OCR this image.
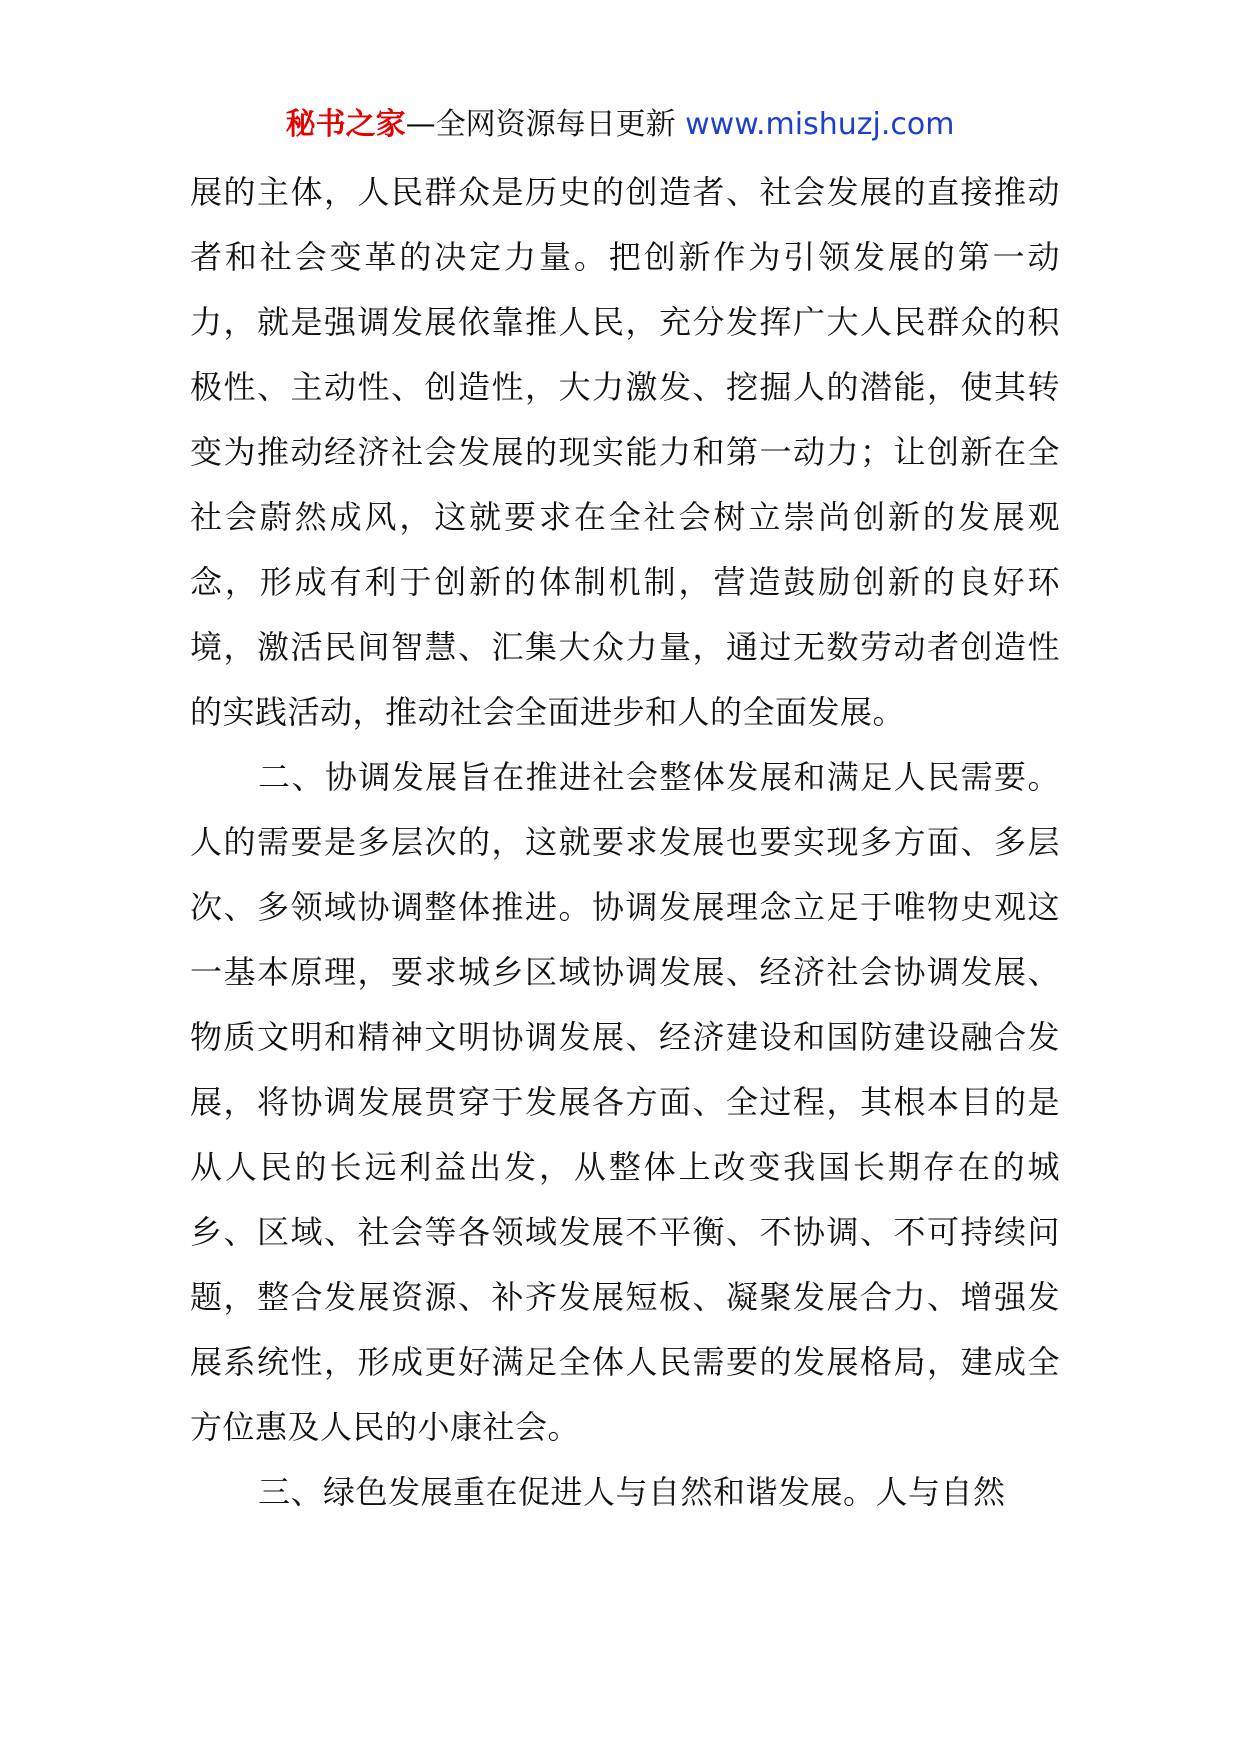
秘书之家—全网资源每日更新 www.mishuzj.com

展的主体，人民群众是历史的创造者、社会发展的直接推动者和社会变革的决定力量。把创新作为引领发展的第一动力，就是强调发展依靠推人民，充分发挥广大人民群众的积极性、主动性、创造性，大力激发、挖掘人的潜能，使其转变为推动经济社会发展的现实能力和第一动力；让创新在全社会蔚然成风，这就要求在全社会树立崇尚创新的发展观念，形成有利于创新的体制机制，营造鼓励创新的良好环境，激活民间智慧、汇集大众力量，通过无数劳动者创造性的实践活动，推动社会全面进步和人的全面发展。

二、协调发展旨在推进社会整体发展和满足人民需要。人的需要是多层次的，这就要求发展也要实现多方面、多层次、多领域协调整体推进。协调发展理念立足于唯物史观这一基本原理，要求城乡区域协调发展、经济社会协调发展、物质文明和精神文明协调发展、经济建设和国防建设融合发展，将协调发展贯穿于发展各方面、全过程，其根本目的是从人民的长远利益出发，从整体上改变我国长期存在的城乡、区域、社会等各领域发展不平衡、不协调、不可持续问题，整合发展资源、补齐发展短板、凝聚发展合力、增强发展系统性，形成更好满足全体人民需要的发展格局，建成全方位惠及人民的小康社会。

三、绿色发展重在促进人与自然和谐发展。人与自然
